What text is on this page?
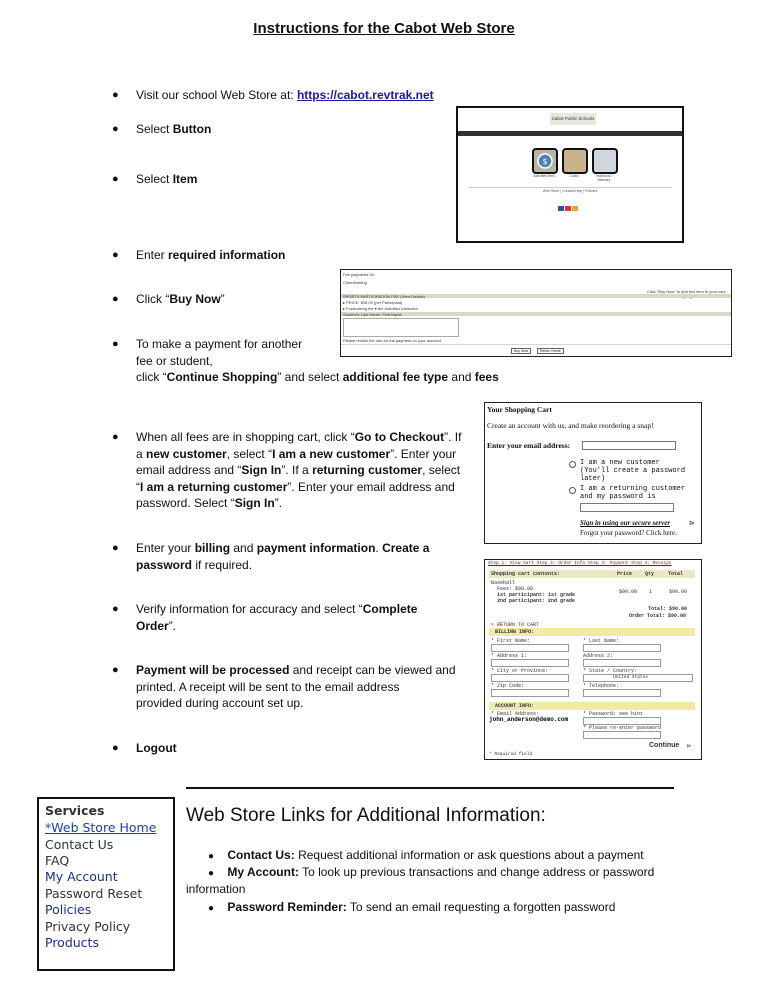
Instructions for the Cabot Web Store
● Visit our school Web Store at: https://cabot.revtrak.net
● Select Button
● Select Item
● Enter required information
● Click “Buy Now”
● To make a payment for another
fee or student,
click “Continue Shopping” and select additional fee type and fees
● When all fees are in shopping cart, click “Go to Checkout”. If
a new customer, select “I am a new customer”. Enter your
email address and “Sign In”. If a returning customer, select
“I am a returning customer”. Enter your email address and
password. Select “Sign In”.
● Enter your billing and payment information. Create a
password if required.
● Verify information for accuracy and select “Complete
Order”.
● Payment will be processed and receipt can be viewed and
printed. A receipt will be sent to the email address
provided during account set up.
● Logout
Cabot Public Schools
$
Activities fees	Clubs	Yearbook / Memory
Web Store | Contact/Help | Policies
Fee payments for
Cheerleading
Click "Buy Now" to add this item to your cart.
SPORTS PARTICIPATION FEE (View Details)
▸ PRICE: $35.00 (per Participant)
▸ Fundraising fee ▾ the Activities Instructor
Student's Last Name, First Name
Please review the cart for the payment on your account
Buy Now	Return Home
Your Shopping Cart
Create an account with us, and make reordering a snap!
Enter your email address:
I am a new customer
(You'll create a password later)
I am a returning customer
and my password is
Sign in using our secure server	⊳
Forgot your password? Click here.
Step 1: View Cart Step 2: Order Info Step 3: Payment Step 4: Receipt
Shopping cart contents:	Price	Qty	Total
Baseball
Fees: $90.00
1st participant: 1st grade
2nd participant: 2nd grade
$90.00 1	$90.00
Total: $90.00
Order Total: $90.00
< RETURN TO CART
BILLING INFO:
* First Name:	* Last Name:
* Address 1:	Address 2:
* City or Province:	* State / Country:
United States
* Zip Code:	* Telephone:
ACCOUNT INFO:
* Email Address:
john_anderson@demo.com
* Password: see hint
* Please re-enter password
Continue ⊳
* Required field
Services
*Web Store Home
Contact Us
FAQ
My Account
Password Reset
Policies
Privacy Policy
Products
Web Store Links for Additional Information:
● Contact Us: Request additional information or ask questions about a payment
● My Account: To look up previous transactions and change address or password
information
● Password Reminder: To send an email requesting a forgotten password
